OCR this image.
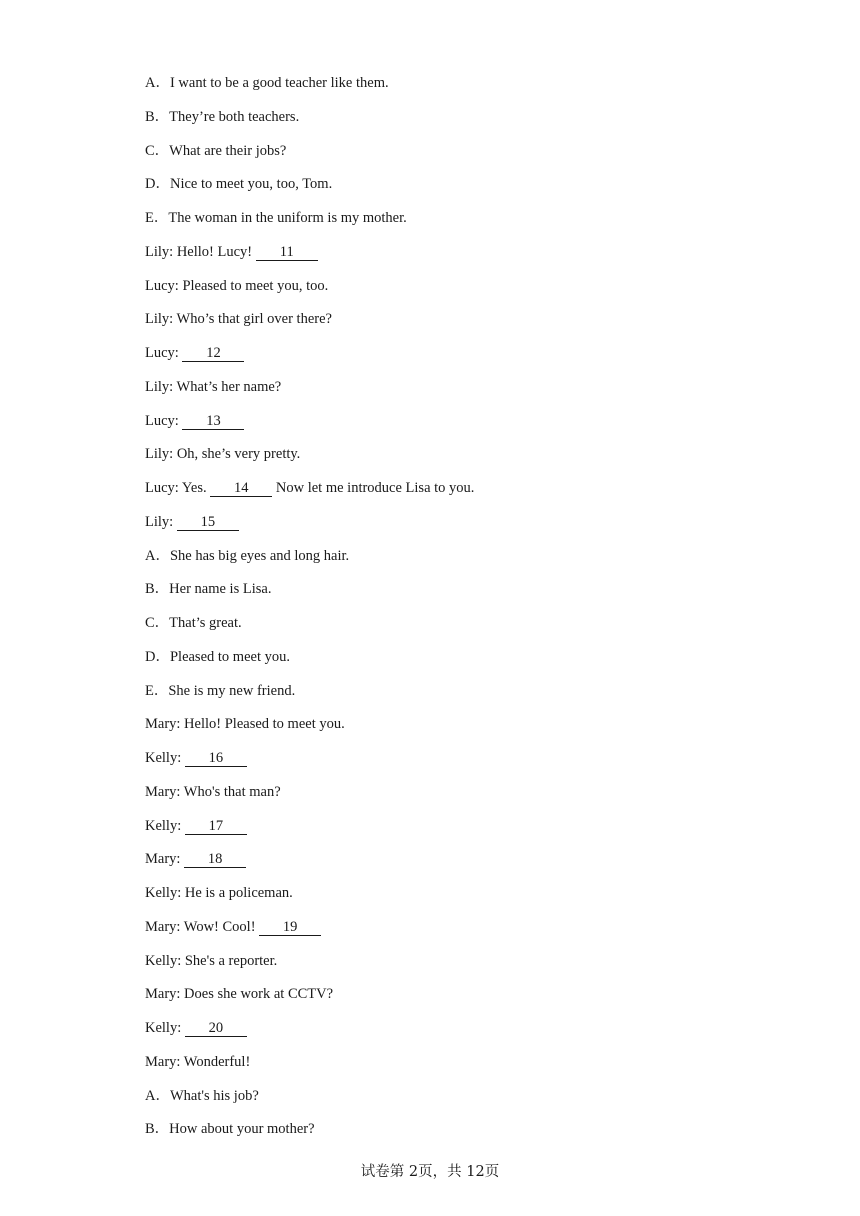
A．I want to be a good teacher like them.
B．They’re both teachers.
C．What are their jobs?
D．Nice to meet you, too, Tom.
E．The woman in the uniform is my mother.
Lily: Hello! Lucy! 11
Lucy: Pleased to meet you, too.
Lily: Who’s that girl over there?
Lucy: 12
Lily: What’s her name?
Lucy: 13
Lily: Oh, she’s very pretty.
Lucy: Yes. 14 Now let me introduce Lisa to you.
Lily: 15
A．She has big eyes and long hair.
B．Her name is Lisa.
C．That’s great.
D．Pleased to meet you.
E．She is my new friend.
Mary: Hello! Pleased to meet you.
Kelly: 16
Mary: Who's that man?
Kelly: 17
Mary: 18
Kelly: He is a policeman.
Mary: Wow! Cool! 19
Kelly: She's a reporter.
Mary: Does she work at CCTV?
Kelly: 20
Mary: Wonderful!
A．What's his job?
B．How about your mother?
试卷第 2页，共 12页
